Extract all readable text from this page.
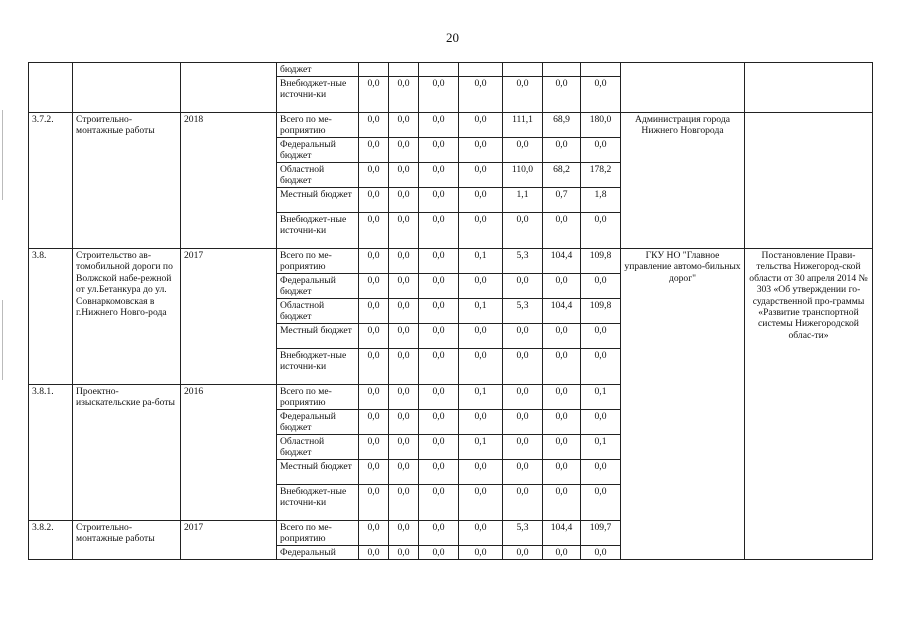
20
			бюджет									
			Внебюджет-ные источни-ки	0,0	0,0	0,0	0,0	0,0	0,0	0,0		
3.7.2.	Строительно-монтажные работы	2018	Всего по ме-роприятию	0,0	0,0	0,0	0,0	111,1	68,9	180,0	Администрация города Нижнего Новгорода	
			Федеральный бюджет	0,0	0,0	0,0	0,0	0,0	0,0	0,0		
			Областной бюджет	0,0	0,0	0,0	0,0	110,0	68,2	178,2		
			Местный бюджет	0,0	0,0	0,0	0,0	1,1	0,7	1,8		
			Внебюджет-ные источни-ки	0,0	0,0	0,0	0,0	0,0	0,0	0,0		
3.8.	Строительство ав-томобильной дороги по Волжской набе-режной от ул.Бетанкура до ул. Совнаркомовская в г.Нижнего Новго-рода	2017	Всего по ме-роприятию	0,0	0,0	0,0	0,1	5,3	104,4	109,8	ГКУ НО "Главное управление автомо-бильных дорог"	Постановление Прави-тельства Нижегород-ской области от 30 апреля 2014 № 303 «Об утверждении го-сударственной про-граммы «Развитие транспортной системы Нижегородской облас-ти»
			Федеральный бюджет	0,0	0,0	0,0	0,0	0,0	0,0	0,0		
			Областной бюджет	0,0	0,0	0,0	0,1	5,3	104,4	109,8		
			Местный бюджет	0,0	0,0	0,0	0,0	0,0	0,0	0,0		
			Внебюджет-ные источни-ки	0,0	0,0	0,0	0,0	0,0	0,0	0,0		
3.8.1.	Проектно-изыскательские ра-боты	2016	Всего по ме-роприятию	0,0	0,0	0,0	0,1	0,0	0,0	0,1		
			Федеральный бюджет	0,0	0,0	0,0	0,0	0,0	0,0	0,0		
			Областной бюджет	0,0	0,0	0,0	0,1	0,0	0,0	0,1		
			Местный бюджет	0,0	0,0	0,0	0,0	0,0	0,0	0,0		
			Внебюджет-ные источни-ки	0,0	0,0	0,0	0,0	0,0	0,0	0,0		
3.8.2.	Строительно-монтажные работы	2017	Всего по ме-роприятию	0,0	0,0	0,0	0,0	5,3	104,4	109,7		
			Федеральный	0,0	0,0	0,0	0,0	0,0	0,0	0,0		
